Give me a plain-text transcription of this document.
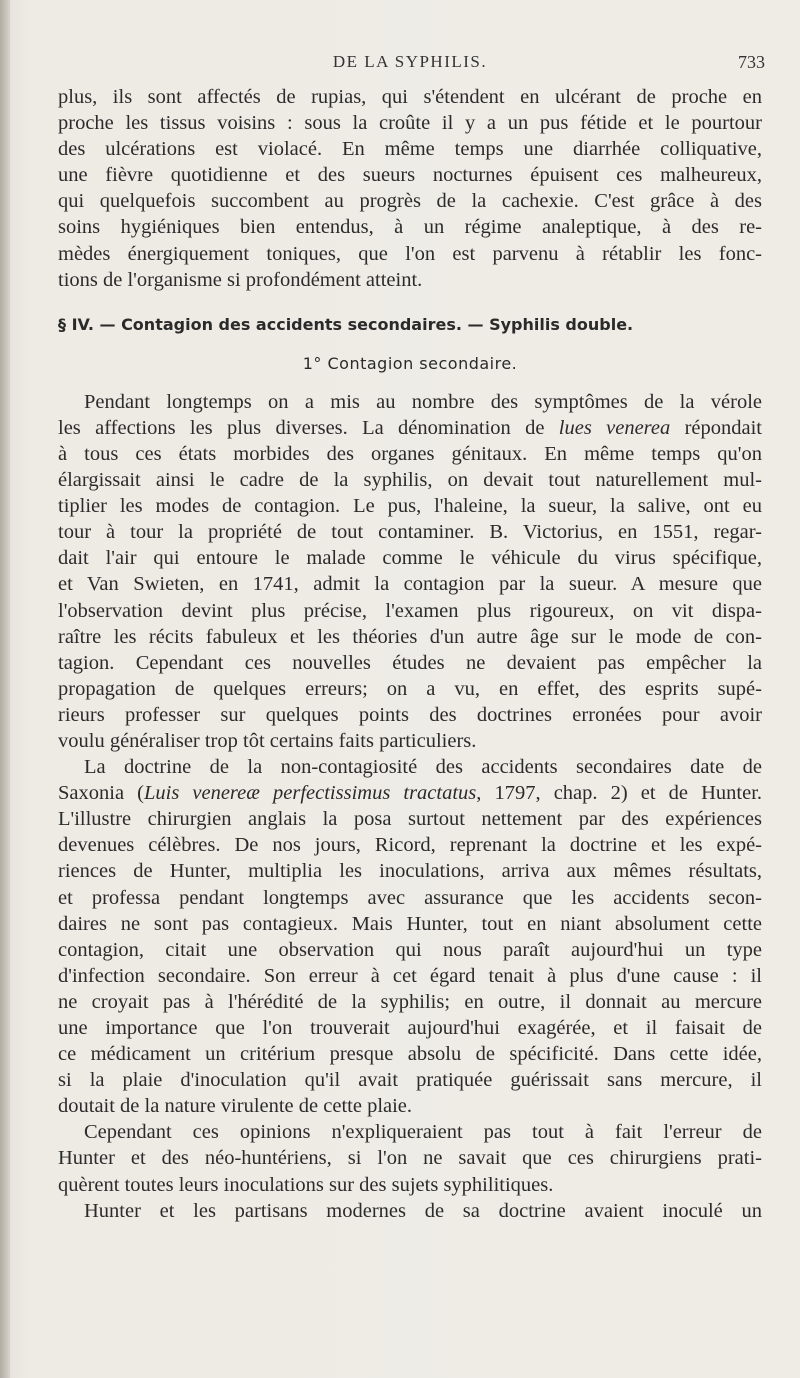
DE LA SYPHILIS.	733
plus, ils sont affectés de rupias, qui s'étendent en ulcérant de proche en
proche les tissus voisins : sous la croûte il y a un pus fétide et le pourtour
des ulcérations est violacé. En même temps une diarrhée colliquative,
une fièvre quotidienne et des sueurs nocturnes épuisent ces malheureux,
qui quelquefois succombent au progrès de la cachexie. C'est grâce à des
soins hygiéniques bien entendus, à un régime analeptique, à des re-
mèdes énergiquement toniques, que l'on est parvenu à rétablir les fonc-
tions de l'organisme si profondément atteint.
§ IV. — Contagion des accidents secondaires. — Syphilis double.
1° Contagion secondaire.
Pendant longtemps on a mis au nombre des symptômes de la vérole
les affections les plus diverses. La dénomination de lues venerea répondait
à tous ces états morbides des organes génitaux. En même temps qu'on
élargissait ainsi le cadre de la syphilis, on devait tout naturellement mul-
tiplier les modes de contagion. Le pus, l'haleine, la sueur, la salive, ont eu
tour à tour la propriété de tout contaminer. B. Victorius, en 1551, regar-
dait l'air qui entoure le malade comme le véhicule du virus spécifique,
et Van Swieten, en 1741, admit la contagion par la sueur. A mesure que
l'observation devint plus précise, l'examen plus rigoureux, on vit dispa-
raître les récits fabuleux et les théories d'un autre âge sur le mode de con-
tagion. Cependant ces nouvelles études ne devaient pas empêcher la
propagation de quelques erreurs; on a vu, en effet, des esprits supé-
rieurs professer sur quelques points des doctrines erronées pour avoir
voulu généraliser trop tôt certains faits particuliers.
La doctrine de la non-contagiosité des accidents secondaires date de
Saxonia (Luis venereæ perfectissimus tractatus, 1797, chap. 2) et de Hunter.
L'illustre chirurgien anglais la posa surtout nettement par des expériences
devenues célèbres. De nos jours, Ricord, reprenant la doctrine et les expé-
riences de Hunter, multiplia les inoculations, arriva aux mêmes résultats,
et professa pendant longtemps avec assurance que les accidents secon-
daires ne sont pas contagieux. Mais Hunter, tout en niant absolument cette
contagion, citait une observation qui nous paraît aujourd'hui un type
d'infection secondaire. Son erreur à cet égard tenait à plus d'une cause : il
ne croyait pas à l'hérédité de la syphilis; en outre, il donnait au mercure
une importance que l'on trouverait aujourd'hui exagérée, et il faisait de
ce médicament un critérium presque absolu de spécificité. Dans cette idée,
si la plaie d'inoculation qu'il avait pratiquée guérissait sans mercure, il
doutait de la nature virulente de cette plaie.
Cependant ces opinions n'expliqueraient pas tout à fait l'erreur de
Hunter et des néo-huntériens, si l'on ne savait que ces chirurgiens prati-
quèrent toutes leurs inoculations sur des sujets syphilitiques.
Hunter et les partisans modernes de sa doctrine avaient inoculé un
